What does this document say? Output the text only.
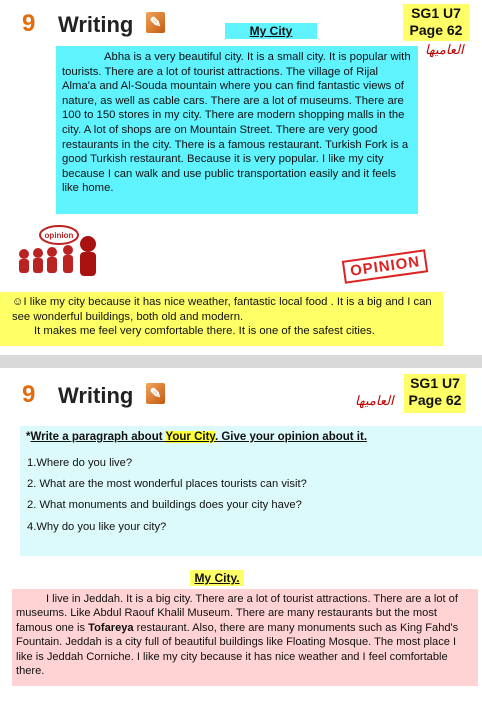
9 Writing ✎
My City
SG1 U7
Page 62
العاميها
Abha is a very beautiful city. It is a small city. It is popular with tourists. There are a lot of tourist attractions. The village of Rijal Alma'a and Al-Souda mountain where you can find fantastic views of nature, as well as cable cars. There are a lot of museums. There are 100 to 150 stores in my city. There are modern shopping malls in the city. A lot of shops are on Mountain Street. There are very good restaurants in the city. There is a famous restaurant. Turkish Fork is a good Turkish restaurant. Because it is very popular. I like my city because I can walk and use public transportation easily and it feels like home.
opinion
OPINION
☺I like my city because it has nice weather, fantastic local food . It is a big and I can see wonderful buildings, both old and modern.
It makes me feel very comfortable there. It is one of the safest cities.
9 Writing ✎
SG1 U7
Page 62
العاميها
*Write a paragraph about Your City. Give your opinion about it.
1.Where do you live?
2. What are the most wonderful places tourists can visit?
2. What monuments and buildings does your city have?
4.Why do you like your city?
My City.
I live in Jeddah. It is a big city. There are a lot of tourist attractions. There are a lot of museums. Like Abdul Raouf Khalil Museum. There are many restaurants but the most famous one is Tofareya restaurant. Also, there are many monuments such as King Fahd's Fountain. Jeddah is a city full of beautiful buildings like Floating Mosque. The most place I like is Jeddah Corniche. I like my city because it has nice weather and I feel comfortable there.
